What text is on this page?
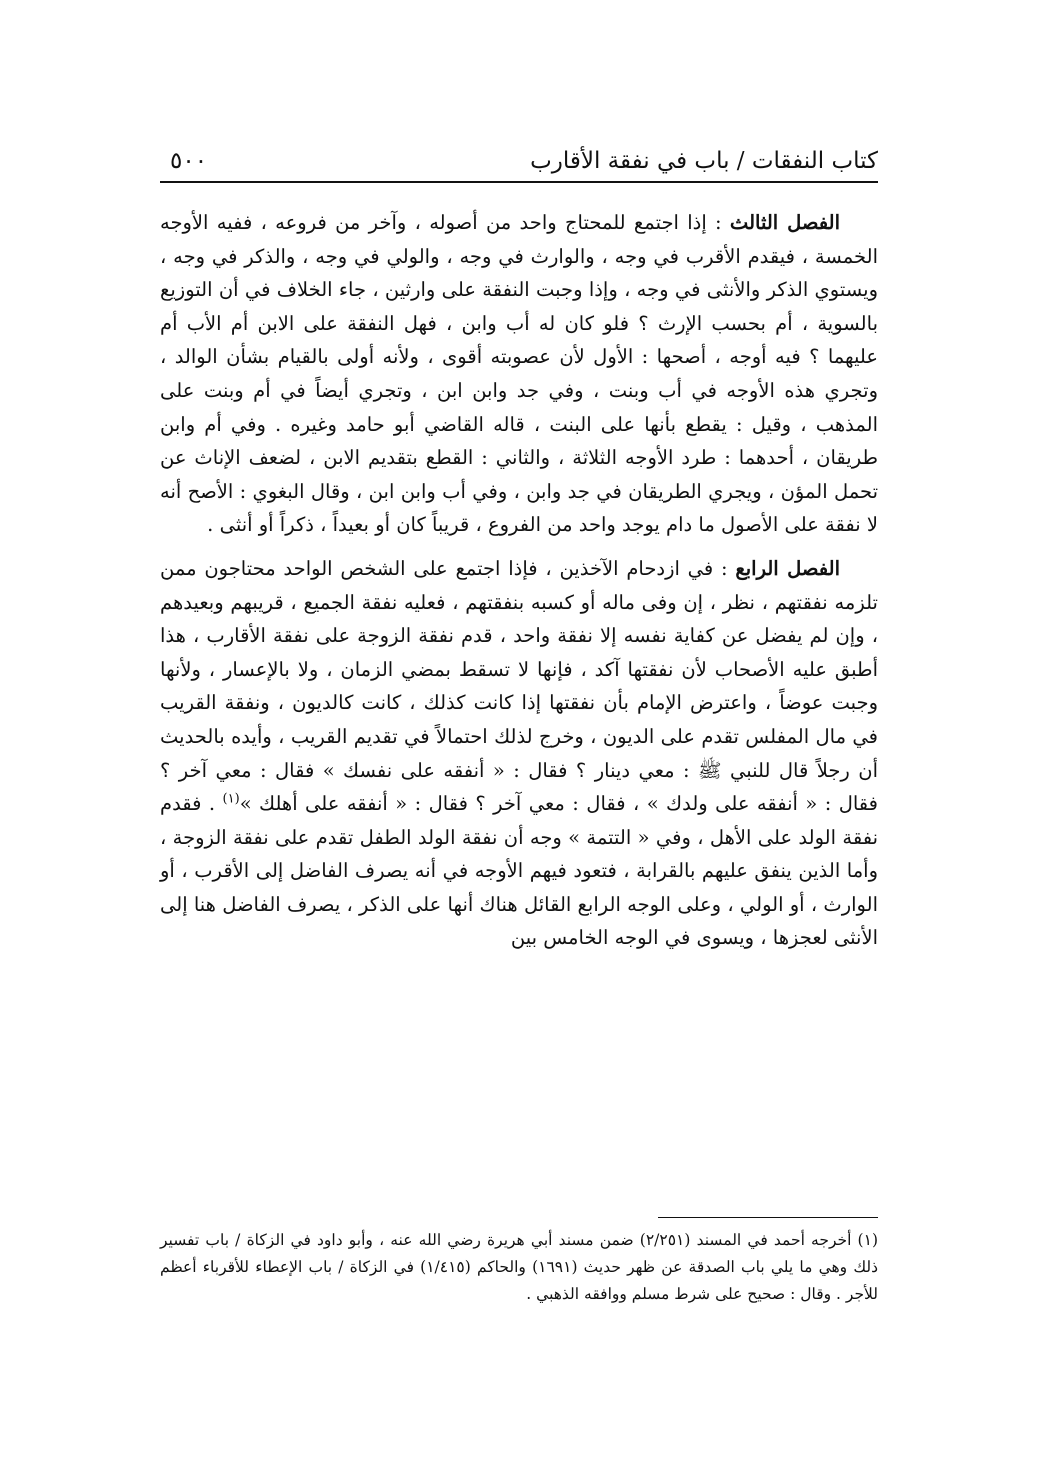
كتاب النفقات / باب في نفقة الأقارب
٥٠٠

الفصل الثالث : إذا اجتمع للمحتاج واحد من أصوله ، وآخر من فروعه ، ففيه الأوجه الخمسة ، فيقدم الأقرب في وجه ، والوارث في وجه ، والولي في وجه ، والذكر في وجه ، ويستوي الذكر والأنثى في وجه ، وإذا وجبت النفقة على وارثين ، جاء الخلاف في أن التوزيع بالسوية ، أم بحسب الإرث ؟ فلو كان له أب وابن ، فهل النفقة على الابن أم الأب أم عليهما ؟ فيه أوجه ، أصحها : الأول لأن عصوبته أقوى ، ولأنه أولى بالقيام بشأن الوالد ، وتجري هذه الأوجه في أب وبنت ، وفي جد وابن ابن ، وتجري أيضاً في أم وبنت على المذهب ، وقيل : يقطع بأنها على البنت ، قاله القاضي أبو حامد وغيره . وفي أم وابن طريقان ، أحدهما : طرد الأوجه الثلاثة ، والثاني : القطع بتقديم الابن ، لضعف الإناث عن تحمل المؤن ، ويجري الطريقان في جد وابن ، وفي أب وابن ابن ، وقال البغوي : الأصح أنه لا نفقة على الأصول ما دام يوجد واحد من الفروع ، قريباً كان أو بعيداً ، ذكراً أو أنثى .

الفصل الرابع : في ازدحام الآخذين ، فإذا اجتمع على الشخص الواحد محتاجون ممن تلزمه نفقتهم ، نظر ، إن وفى ماله أو كسبه بنفقتهم ، فعليه نفقة الجميع ، قريبهم وبعيدهم ، وإن لم يفضل عن كفاية نفسه إلا نفقة واحد ، قدم نفقة الزوجة على نفقة الأقارب ، هذا أطبق عليه الأصحاب لأن نفقتها آكد ، فإنها لا تسقط بمضي الزمان ، ولا بالإعسار ، ولأنها وجبت عوضاً ، واعترض الإمام بأن نفقتها إذا كانت كذلك ، كانت كالديون ، ونفقة القريب في مال المفلس تقدم على الديون ، وخرج لذلك احتمالاً في تقديم القريب ، وأيده بالحديث أن رجلاً قال للنبي ﷺ : معي دينار ؟ فقال : « أنفقه على نفسك » فقال : معي آخر ؟ فقال : « أنفقه على ولدك » ، فقال : معي آخر ؟ فقال : « أنفقه على أهلك »$^{(١)}$ . فقدم نفقة الولد على الأهل ، وفي « التتمة » وجه أن نفقة الولد الطفل تقدم على نفقة الزوجة ، وأما الذين ينفق عليهم بالقرابة ، فتعود فيهم الأوجه في أنه يصرف الفاضل إلى الأقرب ، أو الوارث ، أو الولي ، وعلى الوجه الرابع القائل هناك أنها على الذكر ، يصرف الفاضل هنا إلى الأنثى لعجزها ، ويسوى في الوجه الخامس بين

(١) أخرجه أحمد في المسند (٢/٢٥١) ضمن مسند أبي هريرة رضي الله عنه ، وأبو داود في الزكاة / باب تفسير ذلك وهي ما يلي باب الصدقة عن ظهر حديث (١٦٩١) والحاكم (١/٤١٥) في الزكاة / باب الإعطاء للأقرباء أعظم للأجر . وقال : صحيح على شرط مسلم ووافقه الذهبي .
